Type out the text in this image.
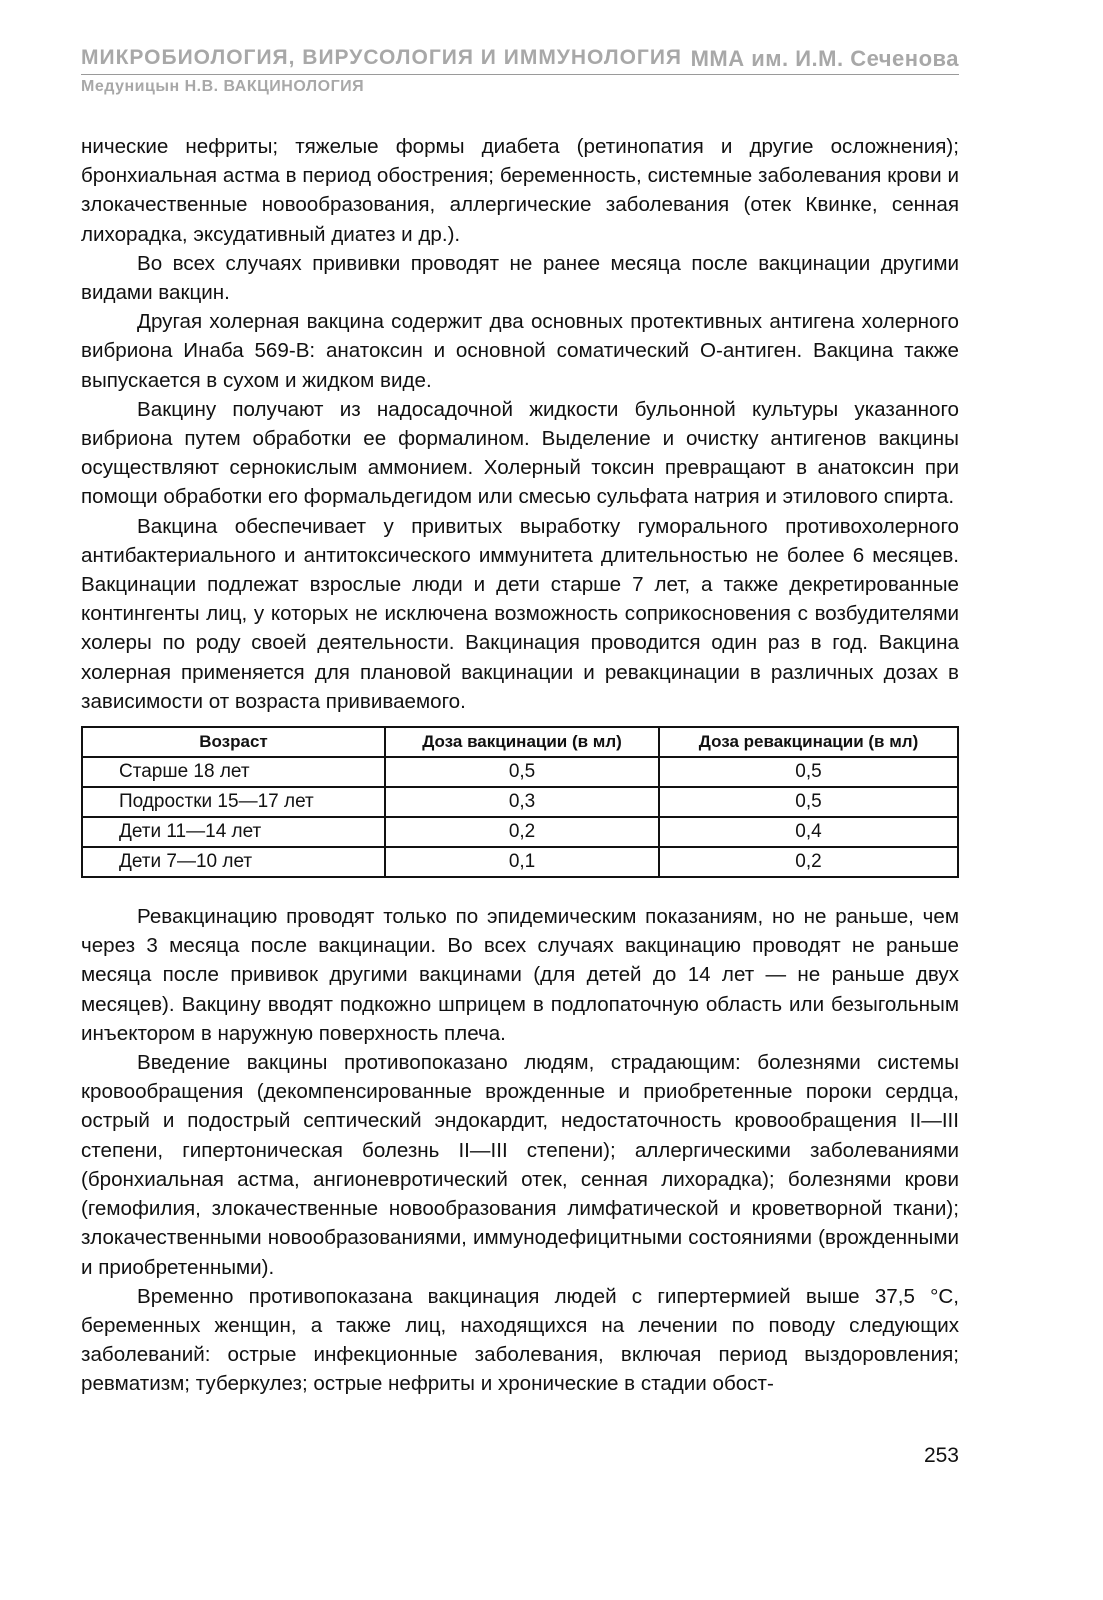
МИКРОБИОЛОГИЯ, ВИРУСОЛОГИЯ И ИММУНОЛОГИЯ ММА им. И.М. Сеченова
Медуницын Н.В. ВАКЦИНОЛОГИЯ

нические нефриты; тяжелые формы диабета (ретинопатия и другие осложнения); бронхиальная астма в период обострения; беременность, системные заболевания крови и злокачественные новообразования, аллергические заболевания (отек Квинке, сенная лихорадка, эксудативный диатез и др.).

Во всех случаях прививки проводят не ранее месяца после вакцинации другими видами вакцин.

Другая холерная вакцина содержит два основных протективных антигена холерного вибриона Инаба 569-В: анатоксин и основной соматический О-антиген. Вакцина также выпускается в сухом и жидком виде.

Вакцину получают из надосадочной жидкости бульонной культуры указанного вибриона путем обработки ее формалином. Выделение и очистку антигенов вакцины осуществляют сернокислым аммонием. Холерный токсин превращают в анатоксин при помощи обработки его формальдегидом или смесью сульфата натрия и этилового спирта.

Вакцина обеспечивает у привитых выработку гуморального противохолерного антибактериального и антитоксического иммунитета длительностью не более 6 месяцев. Вакцинации подлежат взрослые люди и дети старше 7 лет, а также декретированные контингенты лиц, у которых не исключена возможность соприкосновения с возбудителями холеры по роду своей деятельности. Вакцинация проводится один раз в год. Вакцина холерная применяется для плановой вакцинации и ревакцинации в различных дозах в зависимости от возраста прививаемого.

Возраст	Доза вакцинации (в мл)	Доза ревакцинации (в мл)
Старше 18 лет	0,5	0,5
Подростки 15—17 лет	0,3	0,5
Дети 11—14 лет	0,2	0,4
Дети 7—10 лет	0,1	0,2

Ревакцинацию проводят только по эпидемическим показаниям, но не раньше, чем через 3 месяца после вакцинации. Во всех случаях вакцинацию проводят не раньше месяца после прививок другими вакцинами (для детей до 14 лет — не раньше двух месяцев). Вакцину вводят подкожно шприцем в подлопаточную область или безыгольным инъектором в наружную поверхность плеча.

Введение вакцины противопоказано людям, страдающим: болезнями системы кровообращения (декомпенсированные врожденные и приобретенные пороки сердца, острый и подострый септический эндокардит, недостаточность кровообращения II—III степени, гипертоническая болезнь II—III степени); аллергическими заболеваниями (бронхиальная астма, ангионевротический отек, сенная лихорадка); болезнями крови (гемофилия, злокачественные новообразования лимфатической и кроветворной ткани); злокачественными новообразованиями, иммунодефицитными состояниями (врожденными и приобретенными).

Временно противопоказана вакцинация людей с гипертермией выше 37,5 °С, беременных женщин, а также лиц, находящихся на лечении по поводу следующих заболеваний: острые инфекционные заболевания, включая период выздоровления; ревматизм; туберкулез; острые нефриты и хронические в стадии обост-

253
